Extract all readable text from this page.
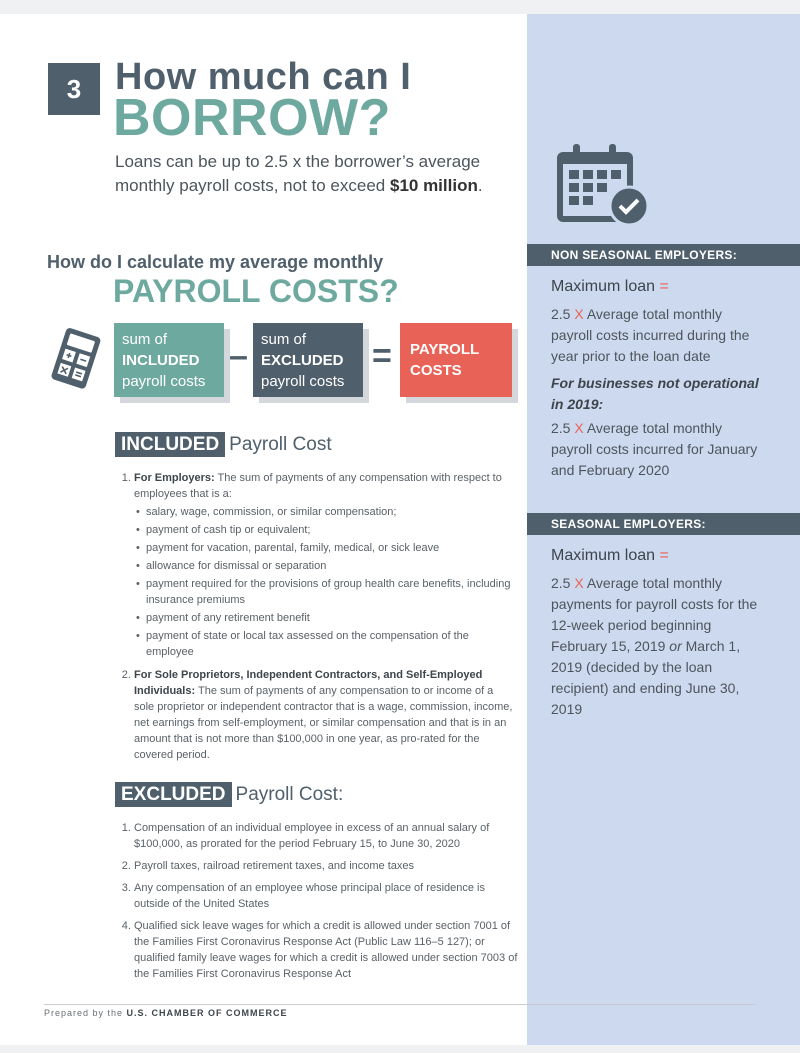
3 How much can I
BORROW?
Loans can be up to 2.5 x the borrower’s average monthly payroll costs, not to exceed $10 million.
How do I calculate my average monthly
PAYROLL COSTS?
sum of
INCLUDED
payroll costs
– sum of
EXCLUDED
payroll costs
= PAYROLL
COSTS
INCLUDED Payroll Cost
1. For Employers: The sum of payments of any compensation with respect to employees that is a:
• salary, wage, commission, or similar compensation;
• payment of cash tip or equivalent;
• payment for vacation, parental, family, medical, or sick leave
• allowance for dismissal or separation
• payment required for the provisions of group health care benefits, including insurance premiums
• payment of any retirement benefit
• payment of state or local tax assessed on the compensation of the employee
2. For Sole Proprietors, Independent Contractors, and Self-Employed Individuals: The sum of payments of any compensation to or income of a sole proprietor or independent contractor that is a wage, commission, income, net earnings from self-employment, or similar compensation and that is in an amount that is not more than $100,000 in one year, as pro-rated for the covered period.
EXCLUDED Payroll Cost:
1. Compensation of an individual employee in excess of an annual salary of $100,000, as prorated for the period February 15, to June 30, 2020
2. Payroll taxes, railroad retirement taxes, and income taxes
3. Any compensation of an employee whose principal place of residence is outside of the United States
4. Qualified sick leave wages for which a credit is allowed under section 7001 of the Families First Coronavirus Response Act (Public Law 116–5 127); or qualified family leave wages for which a credit is allowed under section 7003 of the Families First Coronavirus Response Act
Prepared by the U.S. CHAMBER OF COMMERCE
NON SEASONAL EMPLOYERS:
Maximum loan =
2.5 X Average total monthly payroll costs incurred during the year prior to the loan date
For businesses not operational in 2019:
2.5 X Average total monthly payroll costs incurred for January and February 2020
SEASONAL EMPLOYERS:
Maximum loan =
2.5 X Average total monthly payments for payroll costs for the 12-week period beginning February 15, 2019 or March 1, 2019 (decided by the loan recipient) and ending June 30, 2019
